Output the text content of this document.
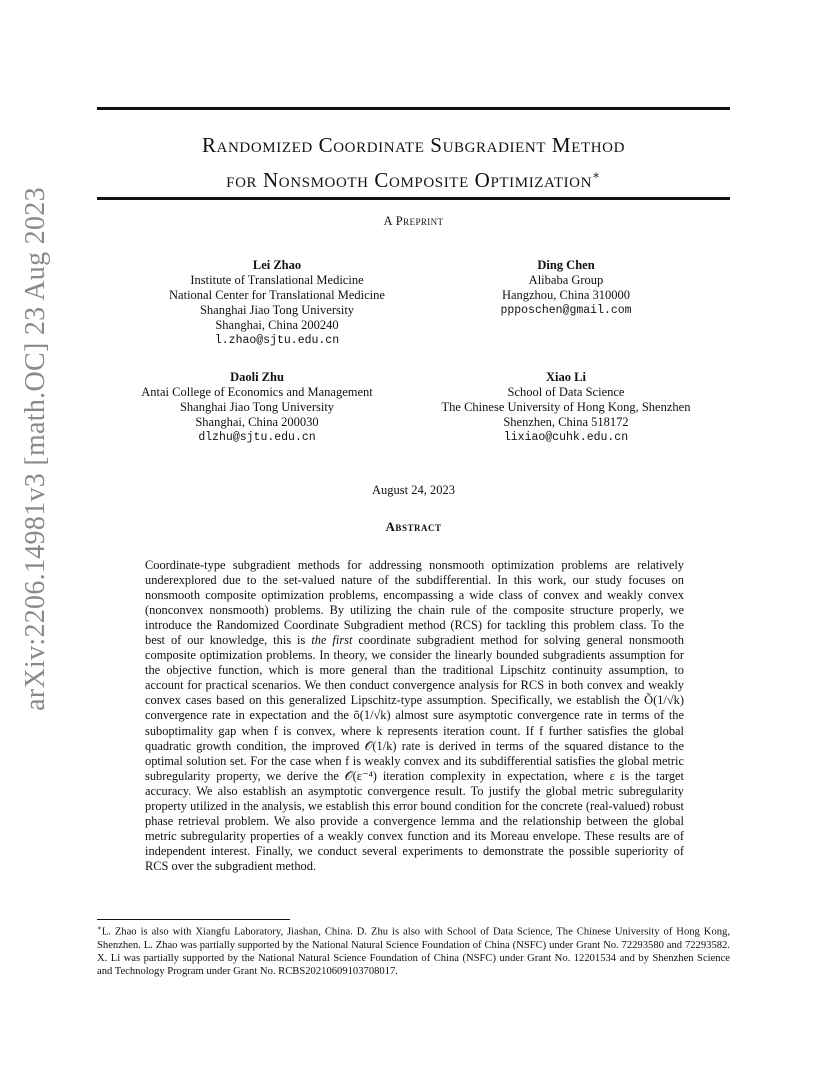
arXiv:2206.14981v3 [math.OC] 23 Aug 2023
Randomized Coordinate Subgradient Method
for Nonsmooth Composite Optimization∗
A Preprint
Lei Zhao
Institute of Translational Medicine
National Center for Translational Medicine
Shanghai Jiao Tong University
Shanghai, China 200240
l.zhao@sjtu.edu.cn
Ding Chen
Alibaba Group
Hangzhou, China 310000
ppposchen@gmail.com
Daoli Zhu
Antai College of Economics and Management
Shanghai Jiao Tong University
Shanghai, China 200030
dlzhu@sjtu.edu.cn
Xiao Li
School of Data Science
The Chinese University of Hong Kong, Shenzhen
Shenzhen, China 518172
lixiao@cuhk.edu.cn
August 24, 2023
Abstract
Coordinate-type subgradient methods for addressing nonsmooth optimization problems are relatively underexplored due to the set-valued nature of the subdifferential. In this work, our study focuses on nonsmooth composite optimization problems, encompassing a wide class of convex and weakly convex (nonconvex nonsmooth) problems. By utilizing the chain rule of the composite structure properly, we introduce the Randomized Coordinate Subgradient method (RCS) for tackling this problem class. To the best of our knowledge, this is the first coordinate subgradient method for solving general nonsmooth composite optimization problems. In theory, we consider the linearly bounded subgradients assumption for the objective function, which is more general than the traditional Lipschitz continuity assumption, to account for practical scenarios. We then conduct convergence analysis for RCS in both convex and weakly convex cases based on this generalized Lipschitz-type assumption. Specifically, we establish the Õ(1/√k) convergence rate in expectation and the õ(1/√k) almost sure asymptotic convergence rate in terms of the suboptimality gap when f is convex, where k represents iteration count. If f further satisfies the global quadratic growth condition, the improved 𝒪(1/k) rate is derived in terms of the squared distance to the optimal solution set. For the case when f is weakly convex and its subdifferential satisfies the global metric subregularity property, we derive the 𝒪(ε⁻⁴) iteration complexity in expectation, where ε is the target accuracy. We also establish an asymptotic convergence result. To justify the global metric subregularity property utilized in the analysis, we establish this error bound condition for the concrete (real-valued) robust phase retrieval problem. We also provide a convergence lemma and the relationship between the global metric subregularity properties of a weakly convex function and its Moreau envelope. These results are of independent interest. Finally, we conduct several experiments to demonstrate the possible superiority of RCS over the subgradient method.
∗L. Zhao is also with Xiangfu Laboratory, Jiashan, China. D. Zhu is also with School of Data Science, The Chinese University of Hong Kong, Shenzhen. L. Zhao was partially supported by the National Natural Science Foundation of China (NSFC) under Grant No. 72293580 and 72293582. X. Li was partially supported by the National Natural Science Foundation of China (NSFC) under Grant No. 12201534 and by Shenzhen Science and Technology Program under Grant No. RCBS20210609103708017.
